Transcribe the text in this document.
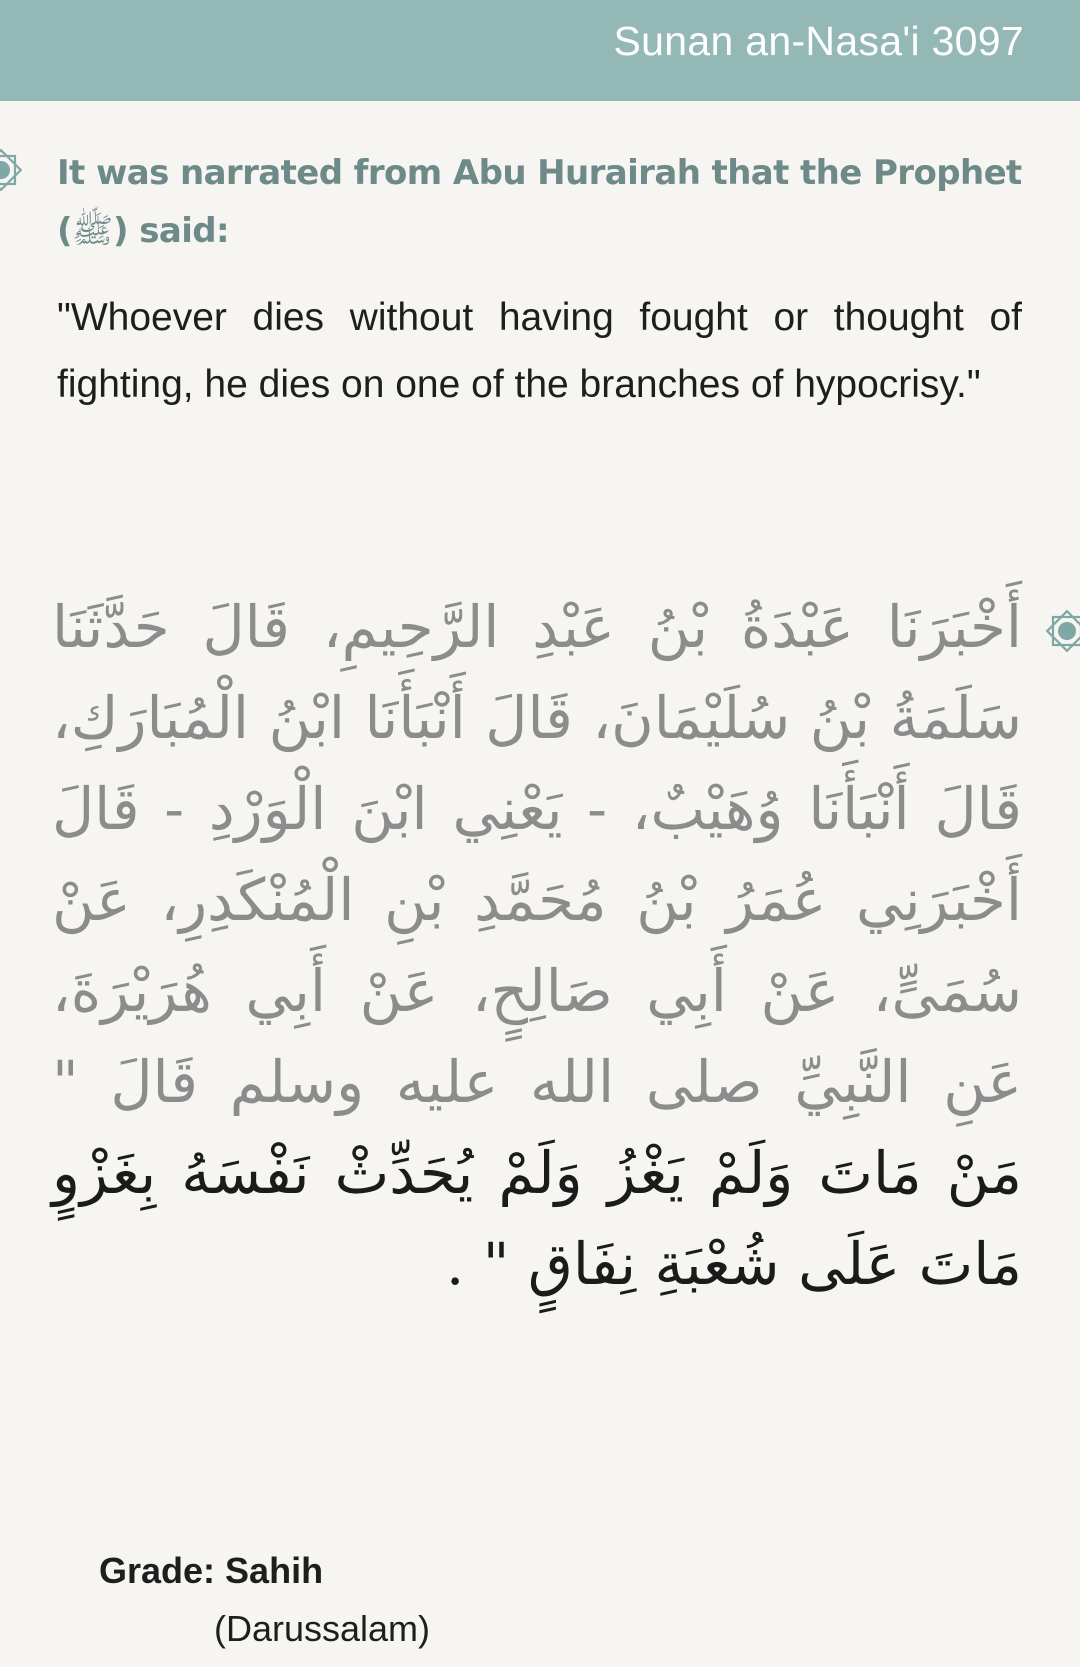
Sunan an-Nasa'i 3097
It was narrated from Abu Hurairah that the Prophet (ﷺ) said:
"Whoever dies without having fought or thought of fighting, he dies on one of the branches of hypocrisy."
أَخْبَرَنَا عَبْدَةُ بْنُ عَبْدِ الرَّحِيمِ، قَالَ حَدَّثَنَا سَلَمَةُ بْنُ سُلَيْمَانَ، قَالَ أَنْبَأَنَا ابْنُ الْمُبَارَكِ، قَالَ أَنْبَأَنَا وُهَيْبٌ، - يَعْنِي ابْنَ الْوَرْدِ - قَالَ أَخْبَرَنِي عُمَرُ بْنُ مُحَمَّدِ بْنِ الْمُنْكَدِرِ، عَنْ سُمَىٍّ، عَنْ أَبِي صَالِحٍ، عَنْ أَبِي هُرَيْرَةَ، عَنِ النَّبِيِّ صلى الله عليه وسلم قَالَ " مَنْ مَاتَ وَلَمْ يَغْزُ وَلَمْ يُحَدِّثْ نَفْسَهُ بِغَزْوٍ مَاتَ عَلَى شُعْبَةِ نِفَاقٍ " .
Grade: Sahih
(Darussalam)
